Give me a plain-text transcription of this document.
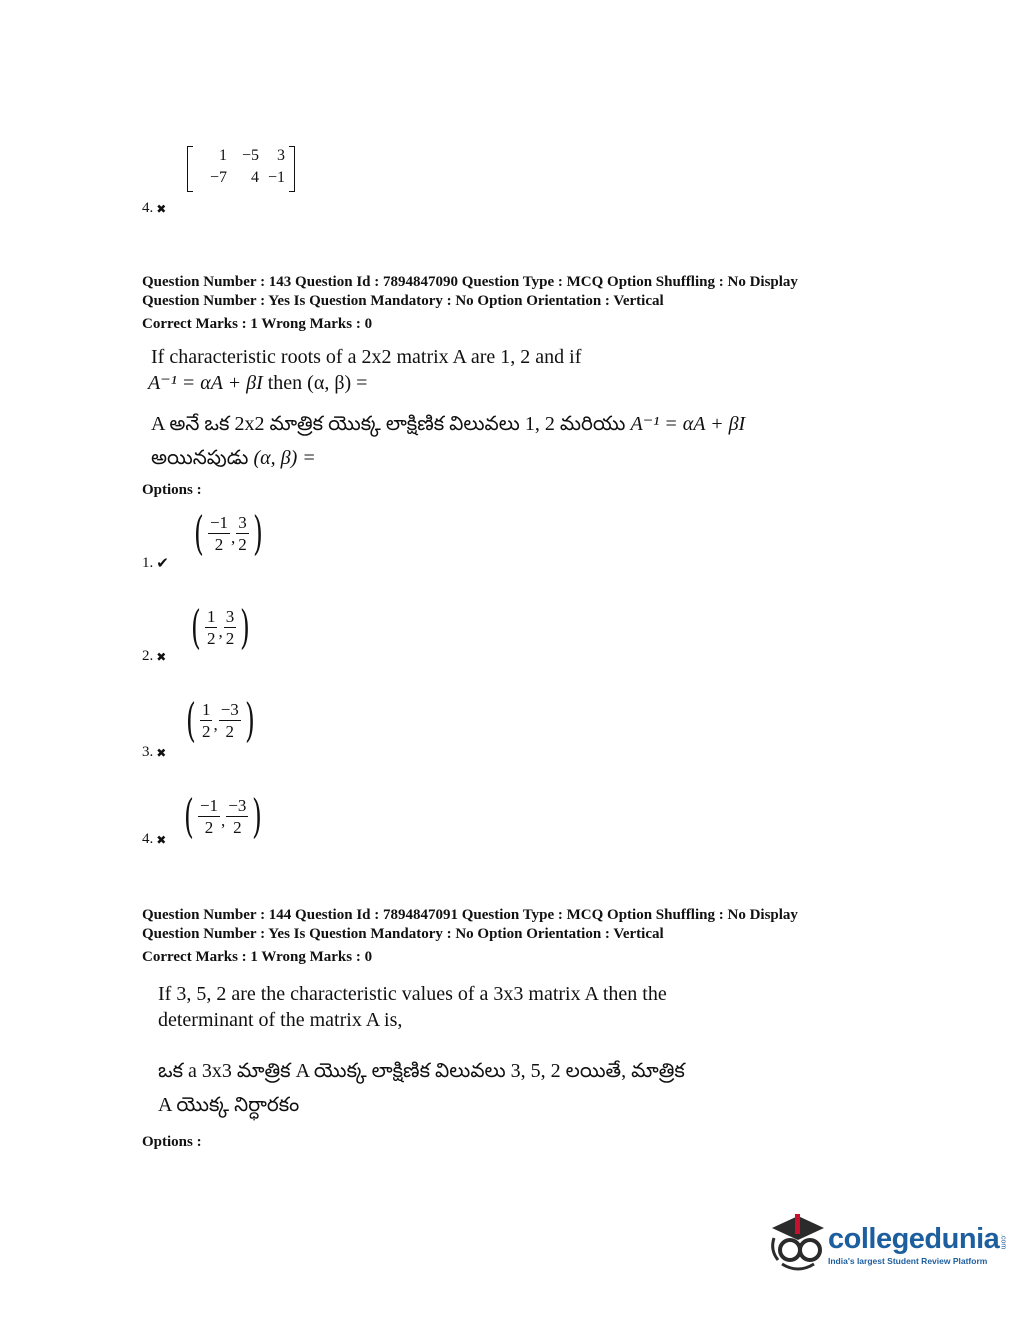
1 −5	3
−7	4 −1
4. ✖
Question Number : 143 Question Id : 7894847090 Question Type : MCQ Option Shuffling : No Display
Question Number : Yes Is Question Mandatory : No Option Orientation : Vertical
Correct Marks : 1 Wrong Marks : 0
If characteristic roots of a 2x2 matrix A are 1, 2 and if
A⁻¹ = αA + βI then (α, β) =
A అనే ఒక 2x2 మాత్రిక యొక్క లాక్షిణిక విలువలు 1, 2 మరియు A⁻¹ = αA + βI
అయినపుడు (α, β) =
Options :
( $\frac{-1}{2}$ , $\frac{3}{2}$ )
1. ✔
( $\frac{1}{2}$ , $\frac{3}{2}$ )
2. ✖
( $\frac{1}{2}$ , $\frac{-3}{2}$ )
3. ✖
( $\frac{-1}{2}$ , $\frac{-3}{2}$ )
4. ✖
Question Number : 144 Question Id : 7894847091 Question Type : MCQ Option Shuffling : No Display
Question Number : Yes Is Question Mandatory : No Option Orientation : Vertical
Correct Marks : 1 Wrong Marks : 0
If 3, 5, 2 are the characteristic values of a 3x3 matrix A then the
determinant of the matrix A is,
ఒక a 3x3 మాత్రిక A యొక్క లాక్షిణిక విలువలు 3, 5, 2 లయితే, మాత్రిక
A యొక్క నిర్ధారకం
Options :
collegedunia .com
India's largest Student Review Platform
